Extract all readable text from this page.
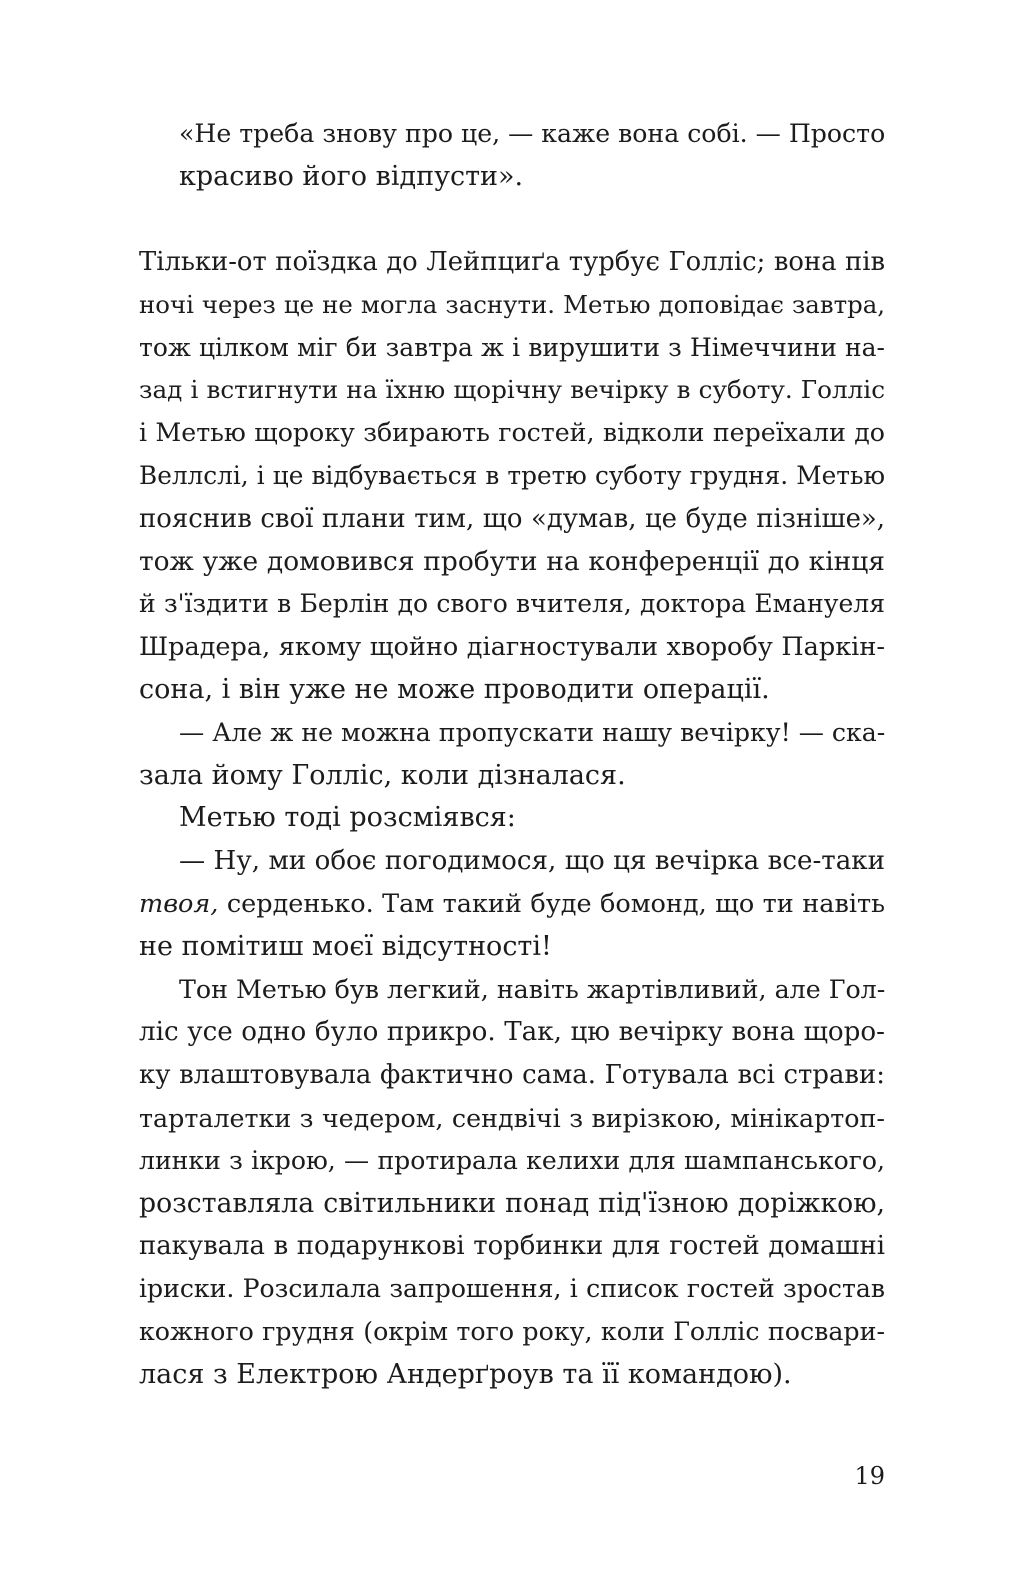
«Не треба знову про це, — каже вона собі. — Просто
красиво його відпусти».
Тільки-от поїздка до Лейпциґа турбує Голліс; вона пів
ночі через це не могла заснути. Метью доповідає завтра,
тож цілком міг би завтра ж і вирушити з Німеччини на-
зад і встигнути на їхню щорічну вечірку в суботу. Голліс
і Метью щороку збирають гостей, відколи переїхали до
Веллслі, і це відбувається в третю суботу грудня. Метью
пояснив свої плани тим, що «думав, це буде пізніше»,
тож уже домовився пробути на конференції до кінця
й з'їздити в Берлін до свого вчителя, доктора Емануеля
Шрадера, якому щойно діагностували хворобу Паркін-
сона, і він уже не може проводити операції.
— Але ж не можна пропускати нашу вечірку! — ска-
зала йому Голліс, коли дізналася.
Метью тоді розсміявся:
— Ну, ми обоє погодимося, що ця вечірка все-таки
твоя, серденько. Там такий буде бомонд, що ти навіть
не помітиш моєї відсутності!
Тон Метью був легкий, навіть жартівливий, але Гол-
ліс усе одно було прикро. Так, цю вечірку вона щоро-
ку влаштовувала фактично сама. Готувала всі страви:
тарталетки з чедером, сендвічі з вирізкою, мінікартоп-
линки з ікрою, — протирала келихи для шампанського,
розставляла світильники понад під'їзною доріжкою,
пакувала в подарункові торбинки для гостей домашні
іриски. Розсилала запрошення, і список гостей зростав
кожного грудня (окрім того року, коли Голліс посвари-
лася з Електрою Андерґроув та її командою).
19
